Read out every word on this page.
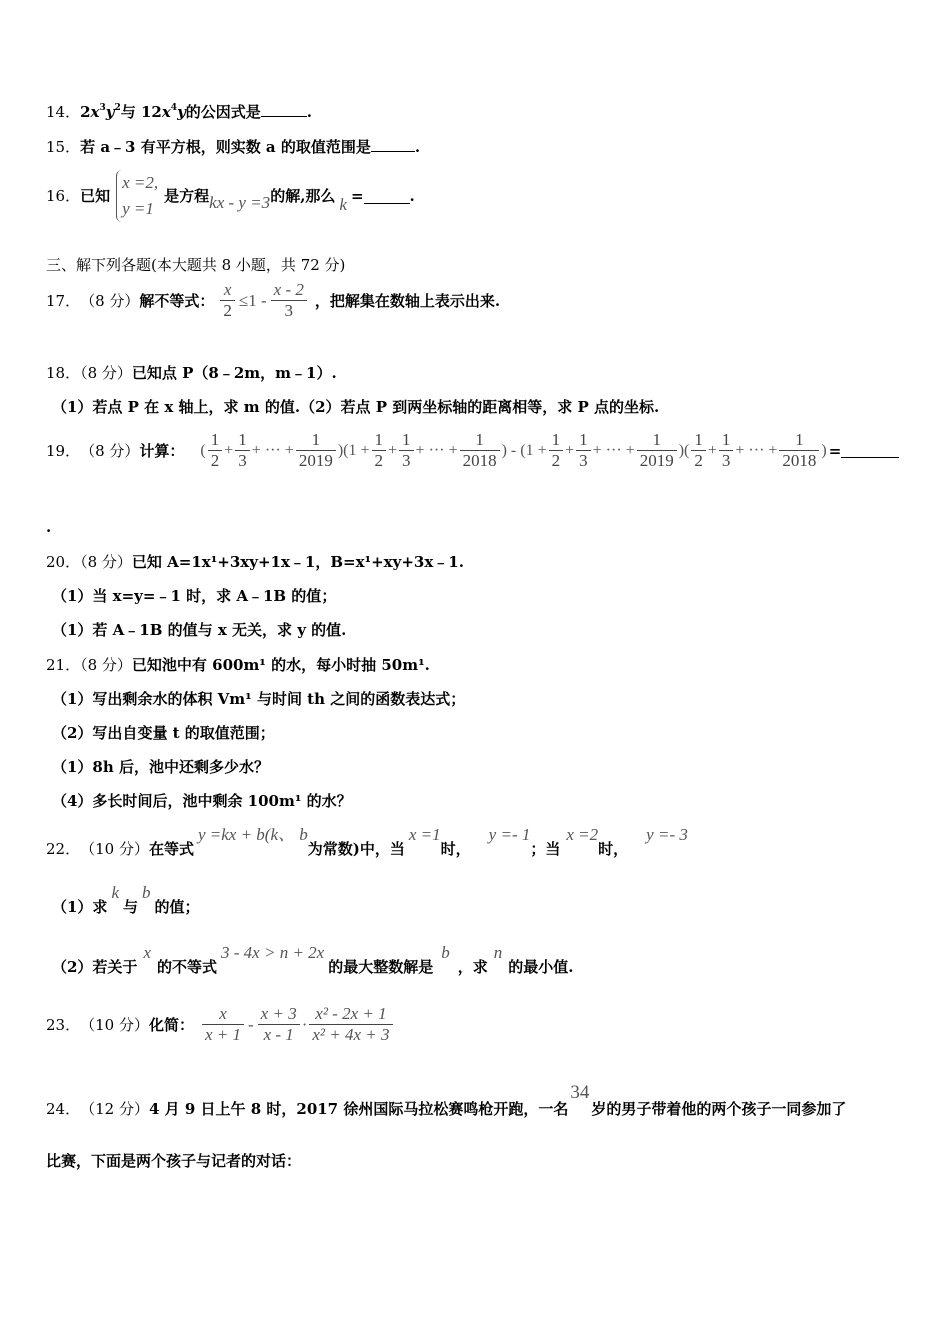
14．$2x^3y^2$与 $12x^4y$的公因式是	.
15．若 a﹣3 有平方根，则实数 a 的取值范围是	.
16． 已知
x =2,
y =1
是方程 kx - y =3 的解,那么 k =	.
三、解下列各题(本大题共 8 小题，共 72 分)
17． （8 分） 解不等式： $\frac{x}{2} \le 1 - \frac{x - 2}{3}$ ，把解集在数轴上表示出来.
18．（8 分）已知点 P（8﹣2m，m﹣1）.
（1）若点 P 在 x 轴上，求 m 的值.（2）若点 P 到两坐标轴的距离相等，求 P 点的坐标.
19． （8 分） 计算： ( $\frac{1}{2} + \frac{1}{3}$ + ··· + $\frac{1}{2019} )(1 + \frac{1}{2} + \frac{1}{3}$ + ··· + $\frac{1}{2018}$ ) - ($1 + \frac{1}{2} + \frac{1}{3}$ + ··· + $\frac{1}{2019}$ )( $\frac{1}{2} + \frac{1}{3}$ + ··· + $\frac{1}{2018}$ ) =
.
20．（8 分）已知 A=1x¹+3xy+1x﹣1，B=x¹+xy+3x﹣1.
（1）当 x=y=﹣1 时，求 A﹣1B 的值；
（1）若 A﹣1B 的值与 x 无关，求 y 的值.
21．（8 分）已知池中有 600m¹ 的水，每小时抽 50m¹.
（1）写出剩余水的体积 Vm¹ 与时间 th 之间的函数表达式；
（2）写出自变量 t 的取值范围；
（1）8h 后，池中还剩多少水？
（4）多长时间后，池中剩余 100m¹ 的水？
22． （10 分） 在等式
y =kx + b(k、 b
为常数)中，当
x =1
时，
y =- 1
；当
x =2
时，
y =- 3
（1）求
k
与
b
的值；
（2）若关于
x
的不等式
3 - 4x > n + 2x
的最大整数解是
b
，求
n
的最小值.
23． （10 分） 化简： $\frac{x}{x + 1} - \frac{x + 3}{x - 1} \cdot \frac{\text{x² - 2x + 1}}{\text{x² + 4x + 3}}$
24． （12 分） 4 月 9 日上午 8 时，2017 徐州国际马拉松赛鸣枪开跑，一名
34
岁的男子带着他的两个孩子一同参加了
比赛，下面是两个孩子与记者的对话：
